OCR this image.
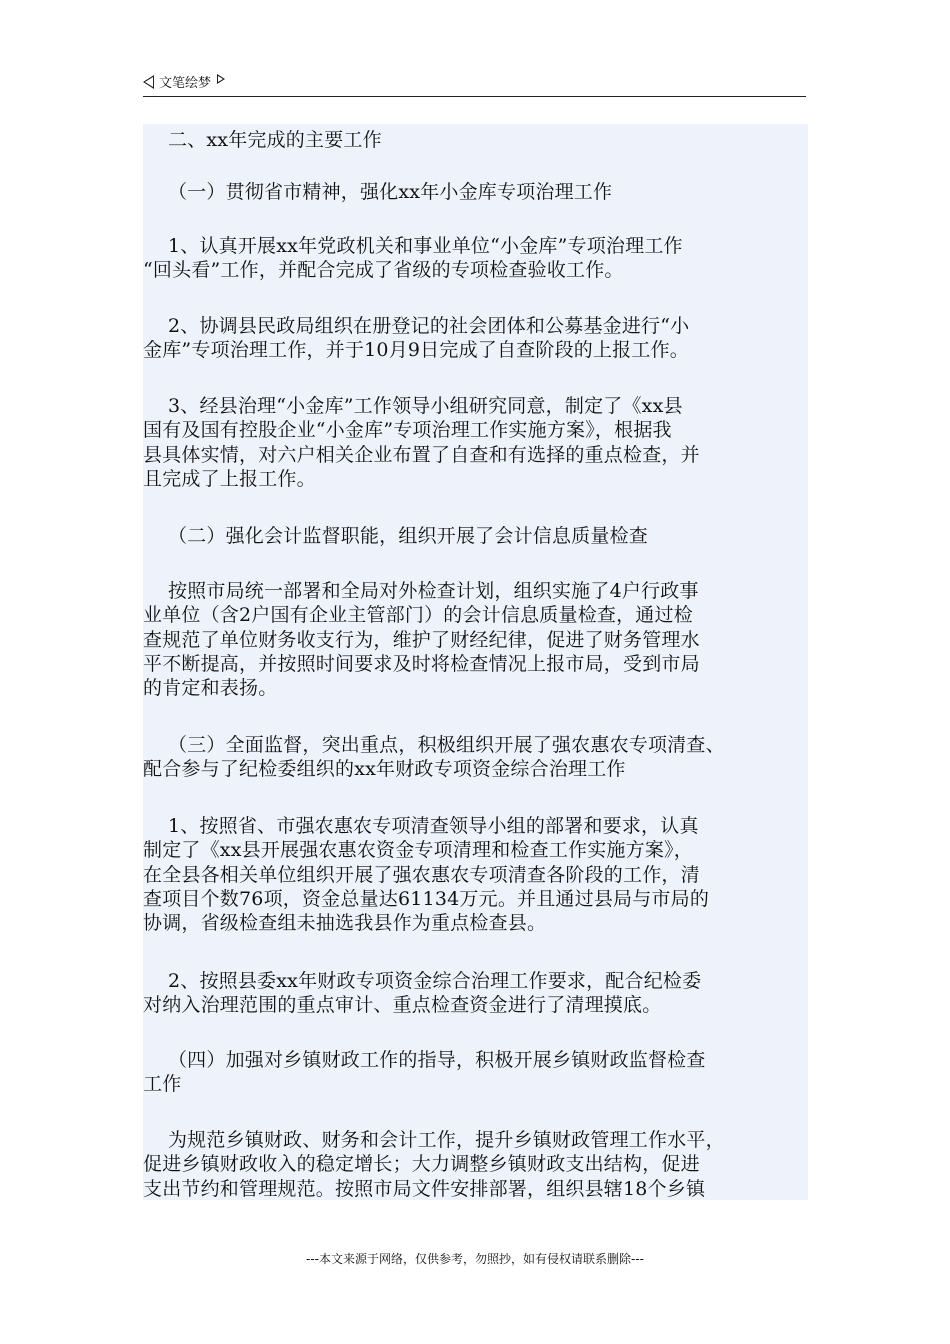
文笔绘梦

二、xx年完成的主要工作

（一）贯彻省市精神，强化xx年小金库专项治理工作

1、认真开展xx年党政机关和事业单位“小金库”专项治理工作
“回头看”工作，并配合完成了省级的专项检查验收工作。

2、协调县民政局组织在册登记的社会团体和公募基金进行“小
金库”专项治理工作，并于10月9日完成了自查阶段的上报工作。

3、经县治理“小金库”工作领导小组研究同意，制定了《xx县
国有及国有控股企业“小金库”专项治理工作实施方案》，根据我
县具体实情，对六户相关企业布置了自查和有选择的重点检查，并
且完成了上报工作。

（二）强化会计监督职能，组织开展了会计信息质量检查

按照市局统一部署和全局对外检查计划，组织实施了4户行政事
业单位（含2户国有企业主管部门）的会计信息质量检查，通过检
查规范了单位财务收支行为，维护了财经纪律，促进了财务管理水
平不断提高，并按照时间要求及时将检查情况上报市局，受到市局
的肯定和表扬。

（三）全面监督，突出重点，积极组织开展了强农惠农专项清查、
配合参与了纪检委组织的xx年财政专项资金综合治理工作

1、按照省、市强农惠农专项清查领导小组的部署和要求，认真
制定了《xx县开展强农惠农资金专项清理和检查工作实施方案》，
在全县各相关单位组织开展了强农惠农专项清查各阶段的工作，清
查项目个数76项，资金总量达61134万元。并且通过县局与市局的
协调，省级检查组未抽选我县作为重点检查县。

2、按照县委xx年财政专项资金综合治理工作要求，配合纪检委
对纳入治理范围的重点审计、重点检查资金进行了清理摸底。

（四）加强对乡镇财政工作的指导，积极开展乡镇财政监督检查
工作

为规范乡镇财政、财务和会计工作，提升乡镇财政管理工作水平，
促进乡镇财政收入的稳定增长；大力调整乡镇财政支出结构，促进
支出节约和管理规范。按照市局文件安排部署，组织县辖18个乡镇

---本文来源于网络，仅供参考，勿照抄，如有侵权请联系删除---
